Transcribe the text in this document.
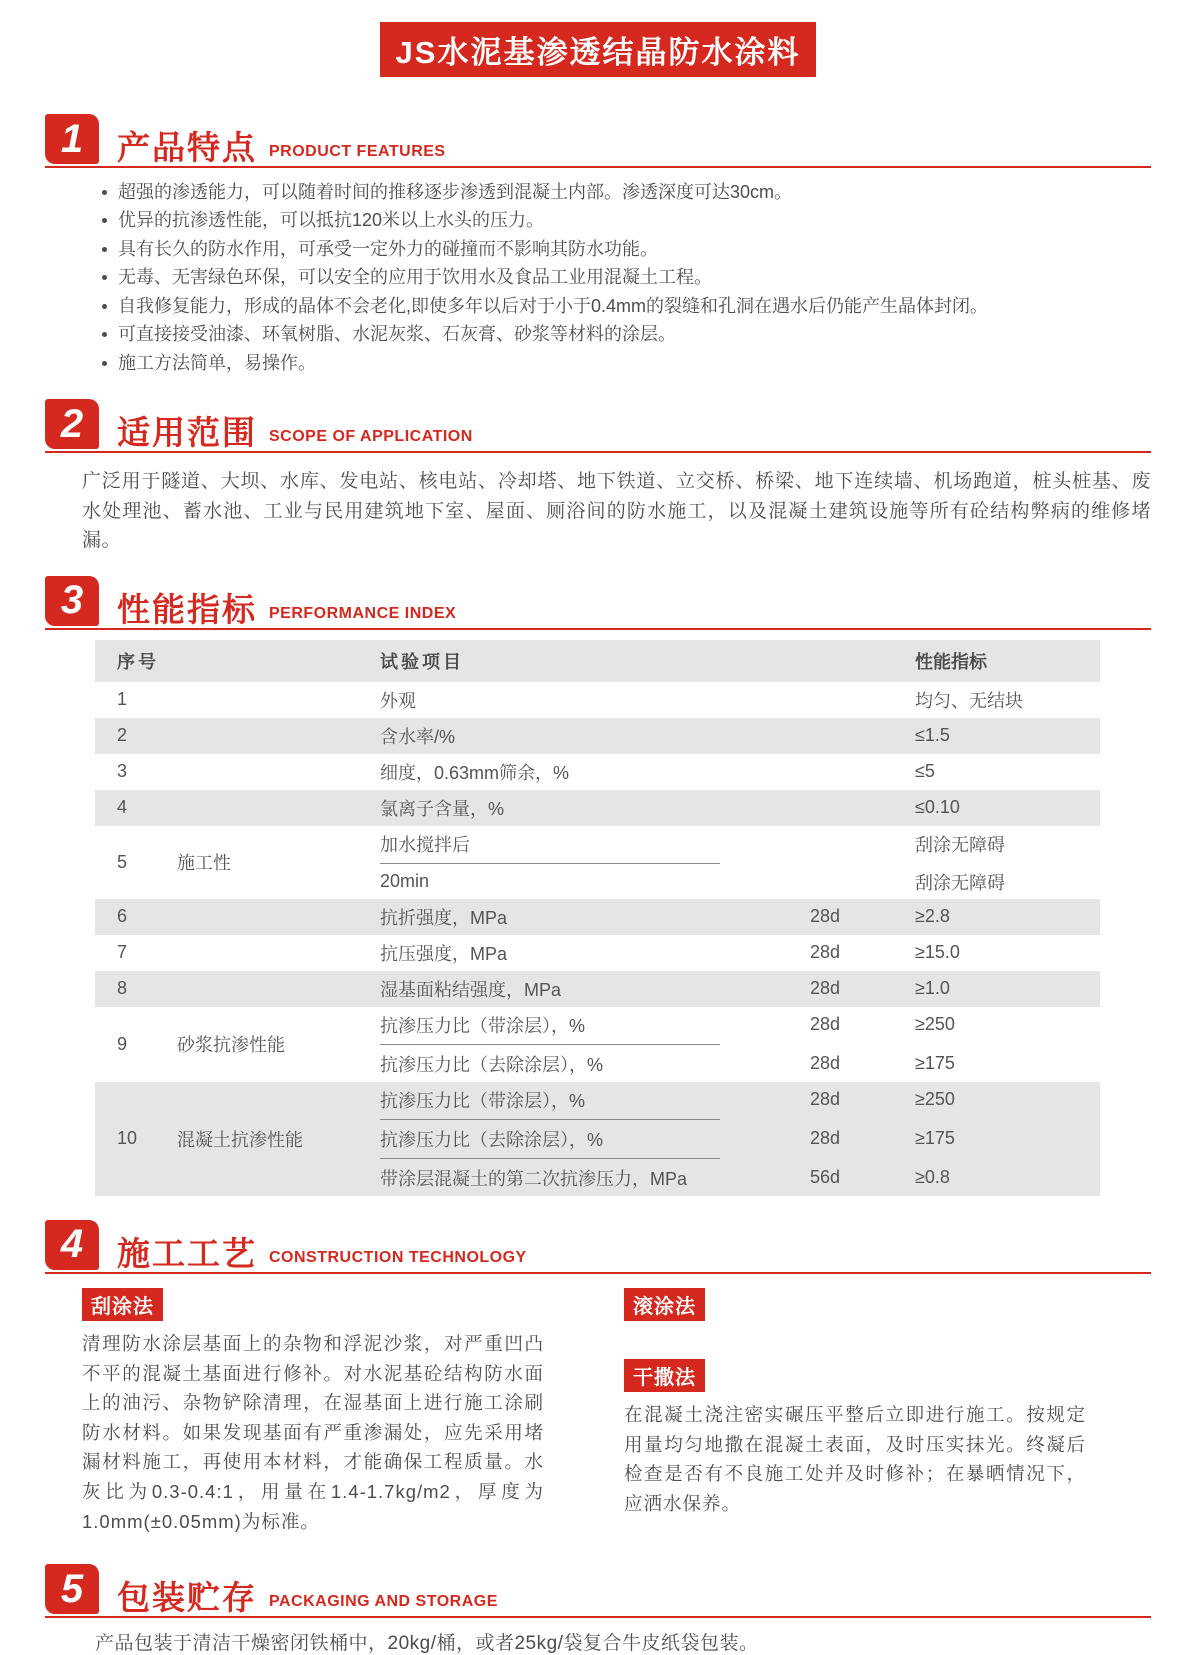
JS水泥基渗透结晶防水涂料
1	产品特点 PRODUCT FEATURES
超强的渗透能力，可以随着时间的推移逐步渗透到混凝土内部。渗透深度可达30cm。
优异的抗渗透性能，可以抵抗120米以上水头的压力。
具有长久的防水作用，可承受一定外力的碰撞而不影响其防水功能。
无毒、无害绿色环保，可以安全的应用于饮用水及食品工业用混凝土工程。
自我修复能力，形成的晶体不会老化,即使多年以后对于小于0.4mm的裂缝和孔洞在遇水后仍能产生晶体封闭。
可直接接受油漆、环氧树脂、水泥灰浆、石灰膏、砂浆等材料的涂层。
施工方法简单，易操作。
2	适用范围 SCOPE OF APPLICATION

广泛用于隧道、大坝、水库、发电站、核电站、冷却塔、地下铁道、立交桥、桥梁、地下连续墙、机场跑道，桩头桩基、废水处理池、蓄水池、工业与民用建筑地下室、屋面、厕浴间的防水施工，以及混凝土建筑设施等所有砼结构弊病的维修堵漏。

3	性能指标 PERFORMANCE INDEX
序号	试验项目	性能指标
1	外观	均匀、无结块
2	含水率/%	≤1.5
3	细度，0.63mm筛余，%	≤5
4	氯离子含量，%	≤0.10
5	施工性
加水搅拌后	刮涂无障碍
20min	刮涂无障碍
6	抗折强度，MPa	28d	≥2.8
7	抗压强度，MPa	28d	≥15.0
8	湿基面粘结强度，MPa	28d	≥1.0
9	砂浆抗渗性能
抗渗压力比（带涂层），%	28d	≥250
抗渗压力比（去除涂层），%	28d	≥175
10	混凝土抗渗性能
抗渗压力比（带涂层），%	28d	≥250
抗渗压力比（去除涂层），%	28d	≥175
带涂层混凝土的第二次抗渗压力，MPa	56d	≥0.8
4	施工工艺 CONSTRUCTION TECHNOLOGY
刮涂法

清理防水涂层基面上的杂物和浮泥沙浆，对严重凹凸不平的混凝土基面进行修补。对水泥基砼结构防水面上的油污、杂物铲除清理，在湿基面上进行施工涂刷防水材料。如果发现基面有严重渗漏处，应先采用堵漏材料施工，再使用本材料，才能确保工程质量。水灰比为0.3-0.4:1，用量在1.4-1.7kg/m2，厚度为1.0mm(±0.05mm)为标准。

滚涂法
干撒法

在混凝土浇注密实碾压平整后立即进行施工。按规定用量均匀地撒在混凝土表面，及时压实抹光。终凝后检查是否有不良施工处并及时修补；在暴晒情况下，应洒水保养。

5	包装贮存 PACKAGING AND STORAGE

产品包装于清洁干燥密闭铁桶中，20kg/桶，或者25kg/袋复合牛皮纸袋包装。
